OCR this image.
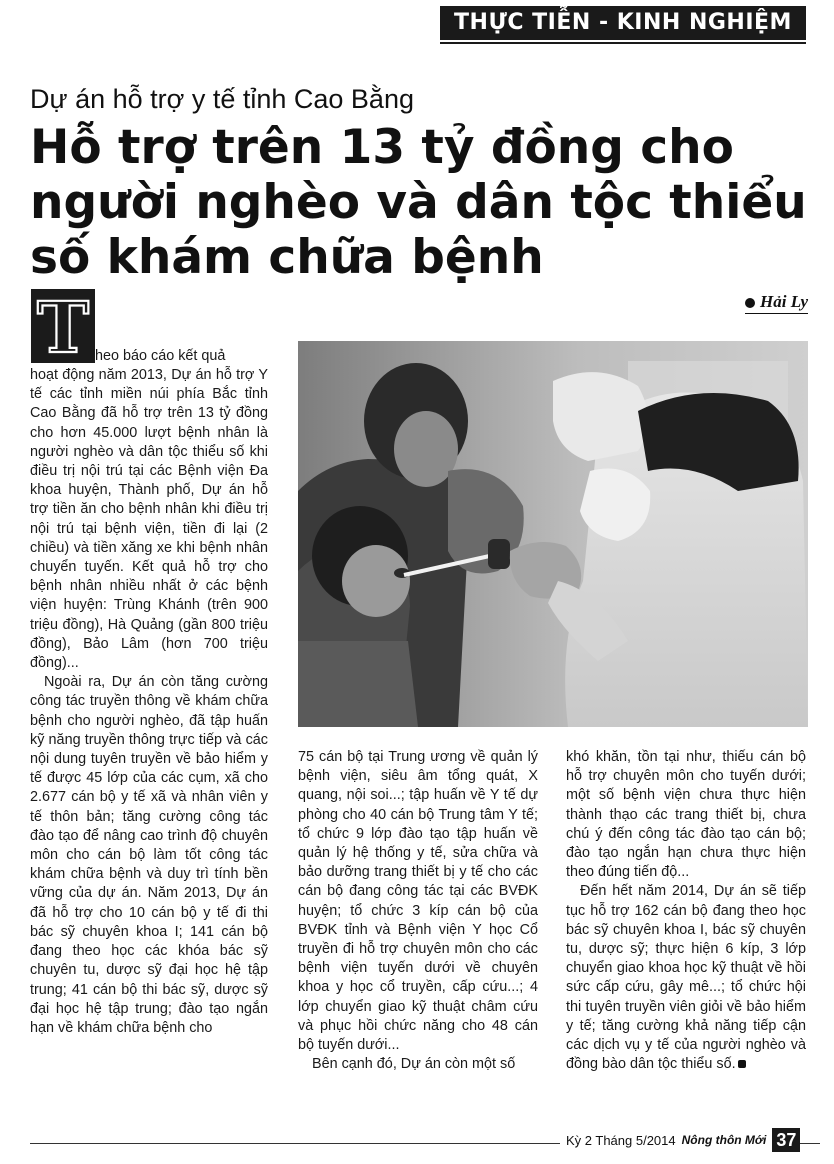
THỰC TIỄN - KINH NGHIỆM
Dự án hỗ trợ y tế tỉnh Cao Bằng
Hỗ trợ trên 13 tỷ đồng cho người nghèo và dân tộc thiểu số khám chữa bệnh
Hải Ly
T heo báo cáo kết quả

hoạt động năm 2013, Dự án hỗ trợ Y tế các tỉnh miền núi phía Bắc tỉnh Cao Bằng đã hỗ trợ trên 13 tỷ đồng cho hơn 45.000 lượt bệnh nhân là người nghèo và dân tộc thiểu số khi điều trị nội trú tại các Bệnh viện Đa khoa huyện, Thành phố, Dự án hỗ trợ tiền ăn cho bệnh nhân khi điều trị nội trú tại bệnh viện, tiền đi lại (2 chiều) và tiền xăng xe khi bệnh nhân chuyển tuyến. Kết quả hỗ trợ cho bệnh nhân nhiều nhất ở các bệnh viện huyện: Trùng Khánh (trên 900 triệu đồng), Hà Quảng (gần 800 triệu đồng), Bảo Lâm (hơn 700 triệu đồng)...

Ngoài ra, Dự án còn tăng cường công tác truyền thông về khám chữa bệnh cho người nghèo, đã tập huấn kỹ năng truyền thông trực tiếp và các nội dung tuyên truyền về bảo hiểm y tế được 45 lớp của các cụm, xã cho 2.677 cán bộ y tế xã và nhân viên y tế thôn bản; tăng cường công tác đào tạo để nâng cao trình độ chuyên môn cho cán bộ làm tốt công tác khám chữa bệnh và duy trì tính bền vững của dự án. Năm 2013, Dự án đã hỗ trợ cho 10 cán bộ y tế đi thi bác sỹ chuyên khoa I; 141 cán bộ đang theo học các khóa bác sỹ chuyên tu, dược sỹ đại học hệ tập trung; 41 cán bộ thi bác sỹ, dược sỹ đại học hệ tập trung; đào tạo ngắn hạn về khám chữa bệnh cho

75 cán bộ tại Trung ương về quản lý bệnh viện, siêu âm tổng quát, X quang, nội soi...; tập huấn về Y tế dự phòng cho 40 cán bộ Trung tâm Y tế; tổ chức 9 lớp đào tạo tập huấn về quản lý hệ thống y tế, sửa chữa và bảo dưỡng trang thiết bị y tế cho các cán bộ đang công tác tại các BVĐK huyện; tổ chức 3 kíp cán bộ của BVĐK tỉnh và Bệnh viện Y học Cổ truyền đi hỗ trợ chuyên môn cho các bệnh viện tuyến dưới về chuyên khoa y học cổ truyền, cấp cứu...; 4 lớp chuyển giao kỹ thuật châm cứu và phục hồi chức năng cho 48 cán bộ tuyến dưới...

Bên cạnh đó, Dự án còn một số

khó khăn, tồn tại như, thiếu cán bộ hỗ trợ chuyên môn cho tuyến dưới; một số bệnh viện chưa thực hiện thành thạo các trang thiết bị, chưa chú ý đến công tác đào tạo cán bộ; đào tạo ngắn hạn chưa thực hiện theo đúng tiến độ...

Đến hết năm 2014, Dự án sẽ tiếp tục hỗ trợ 162 cán bộ đang theo học bác sỹ chuyên khoa I, bác sỹ chuyên tu, dược sỹ; thực hiện 6 kíp, 3 lớp chuyển giao khoa học kỹ thuật về hồi sức cấp cứu, gây mê...; tổ chức hội thi tuyên truyền viên giỏi về bảo hiểm y tế; tăng cường khả năng tiếp cận các dịch vụ y tế của người nghèo và đồng bào dân tộc thiểu số.

Kỳ 2 Tháng 5/2014 Nông thôn Mới 37
